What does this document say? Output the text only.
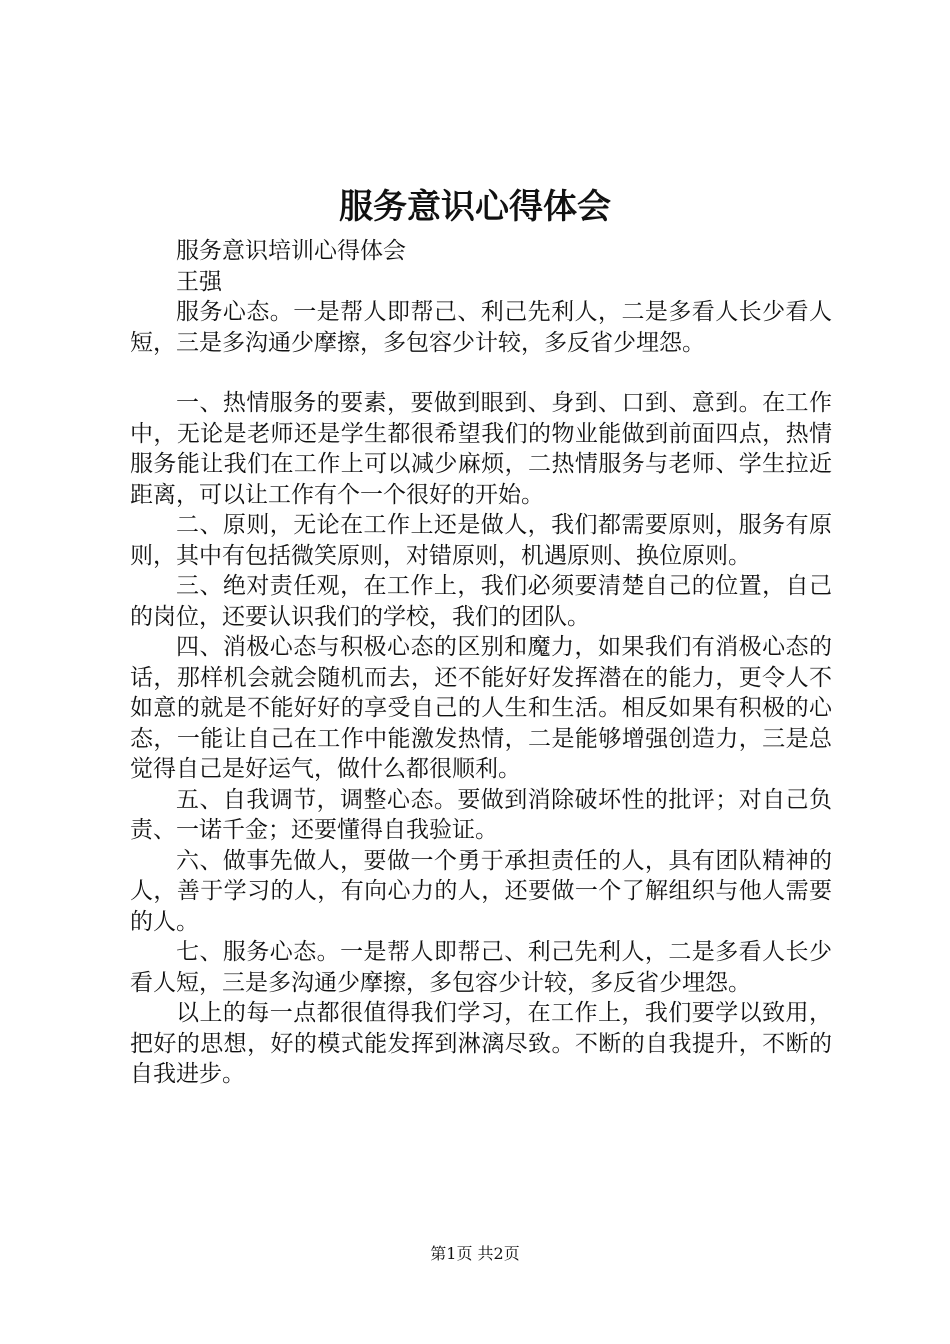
服务意识心得体会

服务意识培训心得体会

王强

服务心态。一是帮人即帮己、利己先利人，二是多看人长少看人短，三是多沟通少摩擦，多包容少计较，多反省少埋怨。

一、热情服务的要素，要做到眼到、身到、口到、意到。在工作中，无论是老师还是学生都很希望我们的物业能做到前面四点，热情服务能让我们在工作上可以减少麻烦，二热情服务与老师、学生拉近距离，可以让工作有个一个很好的开始。

二、原则，无论在工作上还是做人，我们都需要原则，服务有原则，其中有包括微笑原则，对错原则，机遇原则、换位原则。

三、绝对责任观，在工作上，我们必须要清楚自己的位置，自己的岗位，还要认识我们的学校，我们的团队。

四、消极心态与积极心态的区别和魔力，如果我们有消极心态的话，那样机会就会随机而去，还不能好好发挥潜在的能力，更令人不如意的就是不能好好的享受自己的人生和生活。相反如果有积极的心态，一能让自己在工作中能激发热情，二是能够增强创造力，三是总觉得自己是好运气，做什么都很顺利。

五、自我调节，调整心态。要做到消除破坏性的批评；对自己负责、一诺千金；还要懂得自我验证。

六、做事先做人，要做一个勇于承担责任的人，具有团队精神的人，善于学习的人，有向心力的人，还要做一个了解组织与他人需要的人。

七、服务心态。一是帮人即帮己、利己先利人，二是多看人长少看人短，三是多沟通少摩擦，多包容少计较，多反省少埋怨。

以上的每一点都很值得我们学习，在工作上，我们要学以致用，把好的思想，好的模式能发挥到淋漓尽致。不断的自我提升，不断的自我进步。

第1页 共2页
